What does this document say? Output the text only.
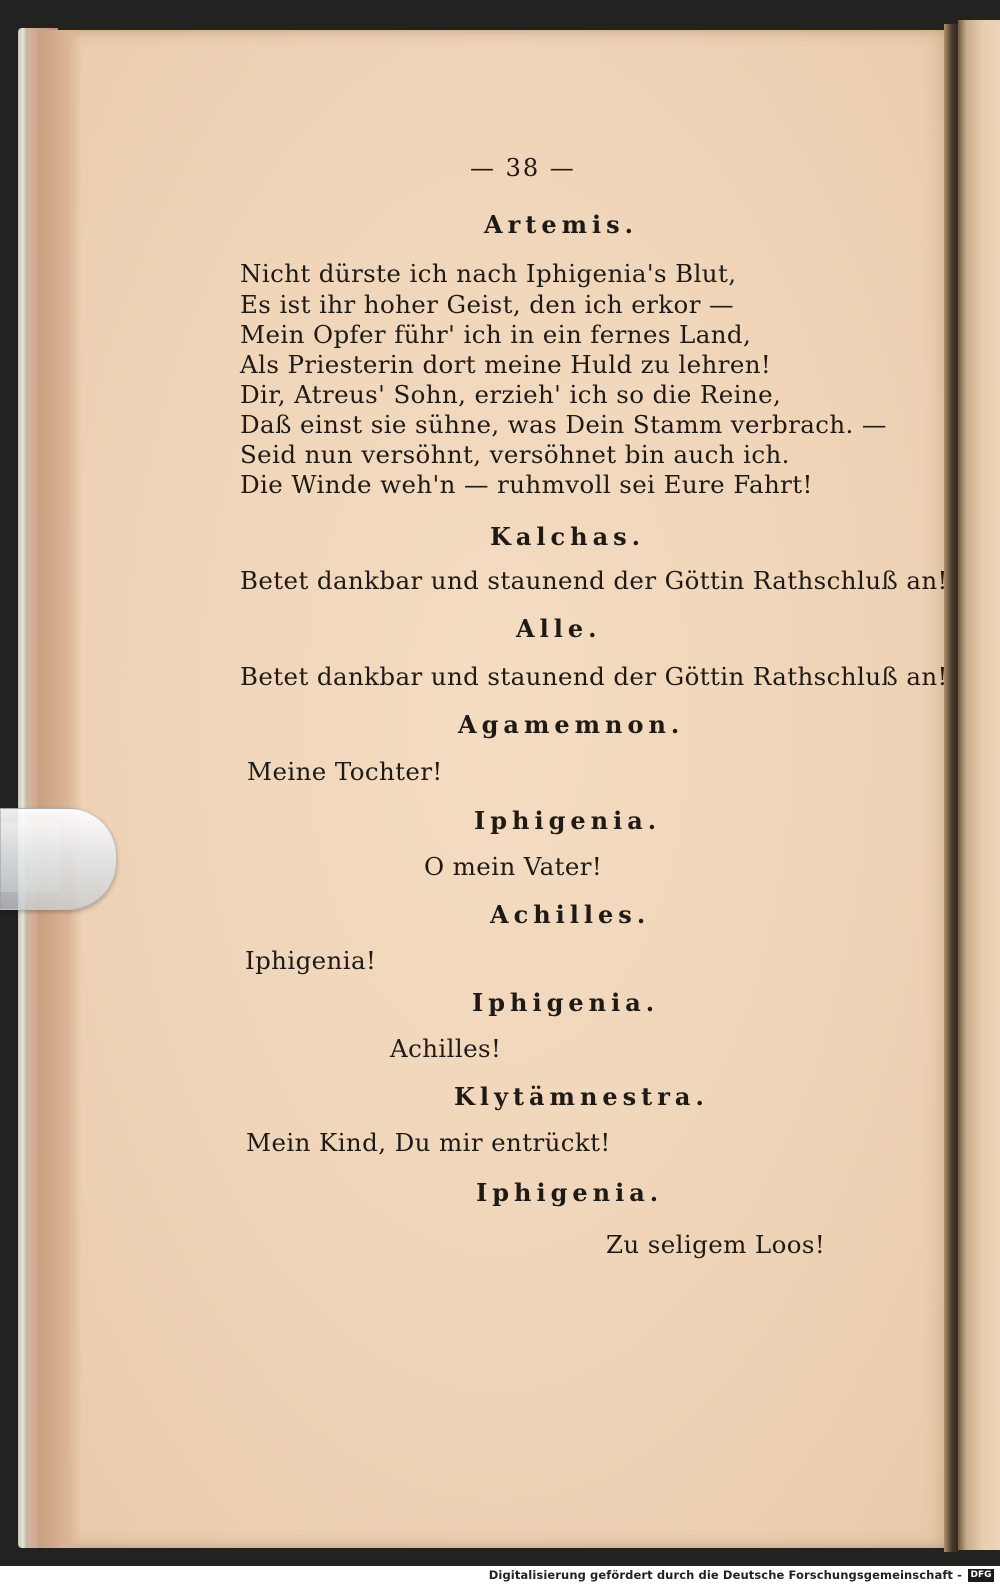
— 38 —
Artemis.
Nicht dürste ich nach Iphigenia's Blut,
Es ist ihr hoher Geist, den ich erkor —
Mein Opfer führ' ich in ein fernes Land,
Als Priesterin dort meine Huld zu lehren!
Dir, Atreus' Sohn, erzieh' ich so die Reine,
Daß einst sie sühne, was Dein Stamm verbrach. —
Seid nun versöhnt, versöhnet bin auch ich.
Die Winde weh'n — ruhmvoll sei Eure Fahrt!
Kalchas.
Betet dankbar und staunend der Göttin Rathschluß an!
Alle.
Betet dankbar und staunend der Göttin Rathschluß an!
Agamemnon.
Meine Tochter!
Iphigenia.
O mein Vater!
Achilles.
Iphigenia!
Iphigenia.
Achilles!
Klytämnestra.
Mein Kind, Du mir entrückt!
Iphigenia.
Zu seligem Loos!
Digitalisierung gefördert durch die Deutsche Forschungsgemeinschaft - DFG
